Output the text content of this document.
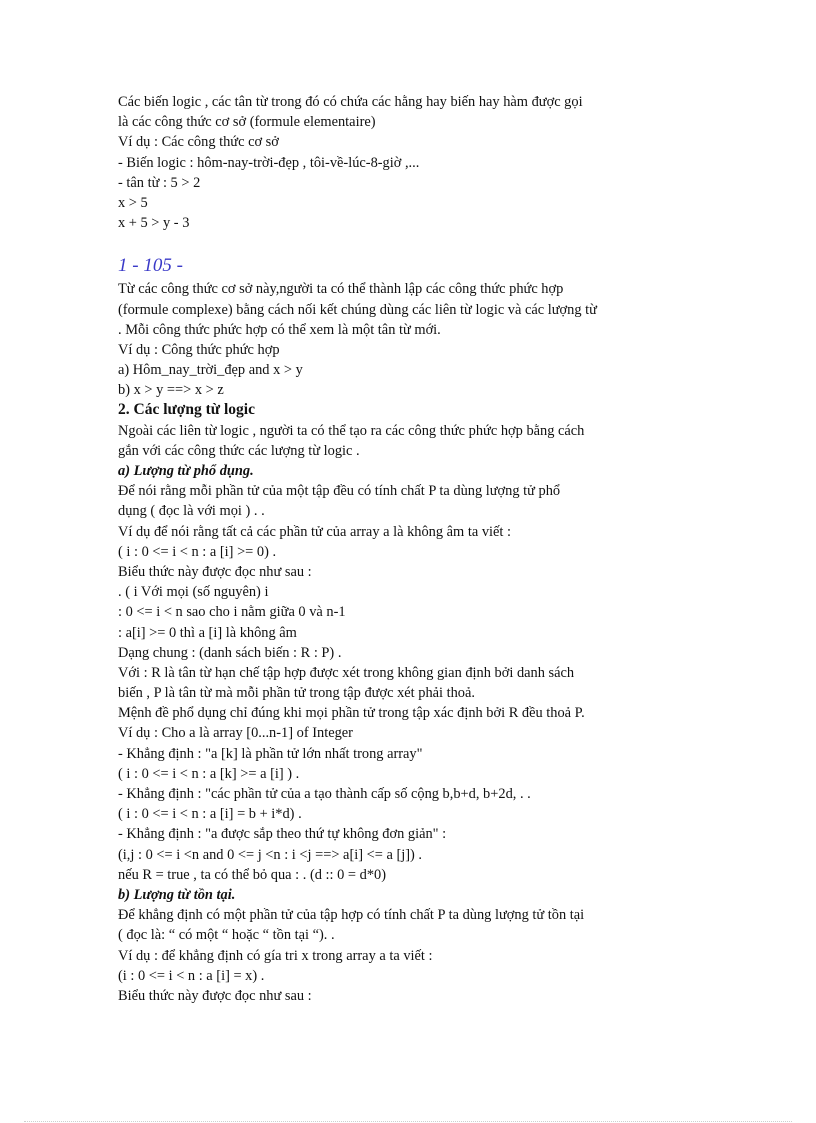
Các biến logic , các tân từ trong đó có chứa các hằng hay biến hay hàm được gọi
là các công thức cơ sở (formule elementaire)
Ví dụ : Các công thức cơ sở
- Biến logic : hôm-nay-trời-đẹp , tôi-về-lúc-8-giờ ,...
- tân từ : 5 > 2
x > 5
x + 5 > y - 3
1 - 105 -
Từ các công thức cơ sở này,người ta có thể thành lập các công thức phức hợp
(formule complexe) bằng cách nối kết chúng dùng các liên từ logic và các lượng từ
. Mỗi công thức phức hợp có thể xem là một tân từ mới.
Ví dụ : Công thức phức hợp
a) Hôm_nay_trời_đẹp and x > y
b) x > y ==> x > z
2. Các lượng từ logic
Ngoài các liên từ logic , người ta có thể tạo ra các công thức phức hợp bằng cách
gắn với các công thức các lượng từ logic .
a) Lượng từ phổ dụng.
Để nói rằng mỗi phần tử của một tập đều có tính chất P ta dùng lượng tử phổ
dụng ( đọc là với mọi ) . .
Ví dụ để nói rằng tất cả các phần tử của array a là không âm ta viết :
( i : 0 <= i < n : a [i] >= 0) .
Biểu thức này được đọc như sau :
. ( i Với mọi (số nguyên) i
: 0 <= i < n sao cho i nằm giữa 0 và n-1
: a[i] >= 0 thì a [i] là không âm
Dạng chung : (danh sách biến : R : P) .
Với : R là tân từ hạn chế tập hợp được xét trong không gian định bởi danh sách
biến , P là tân từ mà mỗi phần tử trong tập được xét phải thoả.
Mệnh đề phổ dụng chỉ đúng khi mọi phần tử trong tập xác định bởi R đều thoả P.
Ví dụ : Cho a là array [0...n-1] of Integer
- Khẳng định : "a [k] là phần tử lớn nhất trong array"
( i : 0 <= i < n : a [k] >= a [i] ) .
- Khẳng định : "các phần tử của a tạo thành cấp số cộng b,b+d, b+2d, . .
( i : 0 <= i < n : a [i] = b + i*d) .
- Khẳng định : "a được sắp theo thứ tự không đơn giản" :
(i,j : 0 <= i <n and 0 <= j <n : i <j ==> a[i] <= a [j]) .
nếu R = true , ta có thể bỏ qua : . (d :: 0 = d*0)
b) Lượng từ tồn tại.
Để khẳng định có một phần tử của tập hợp có tính chất P ta dùng lượng tử tồn tại
( đọc là: “ có một “ hoặc “ tồn tại “). .
Ví dụ : để khẳng định có gía tri x trong array a ta viết :
(i : 0 <= i < n : a [i] = x) .
Biểu thức này được đọc như sau :
